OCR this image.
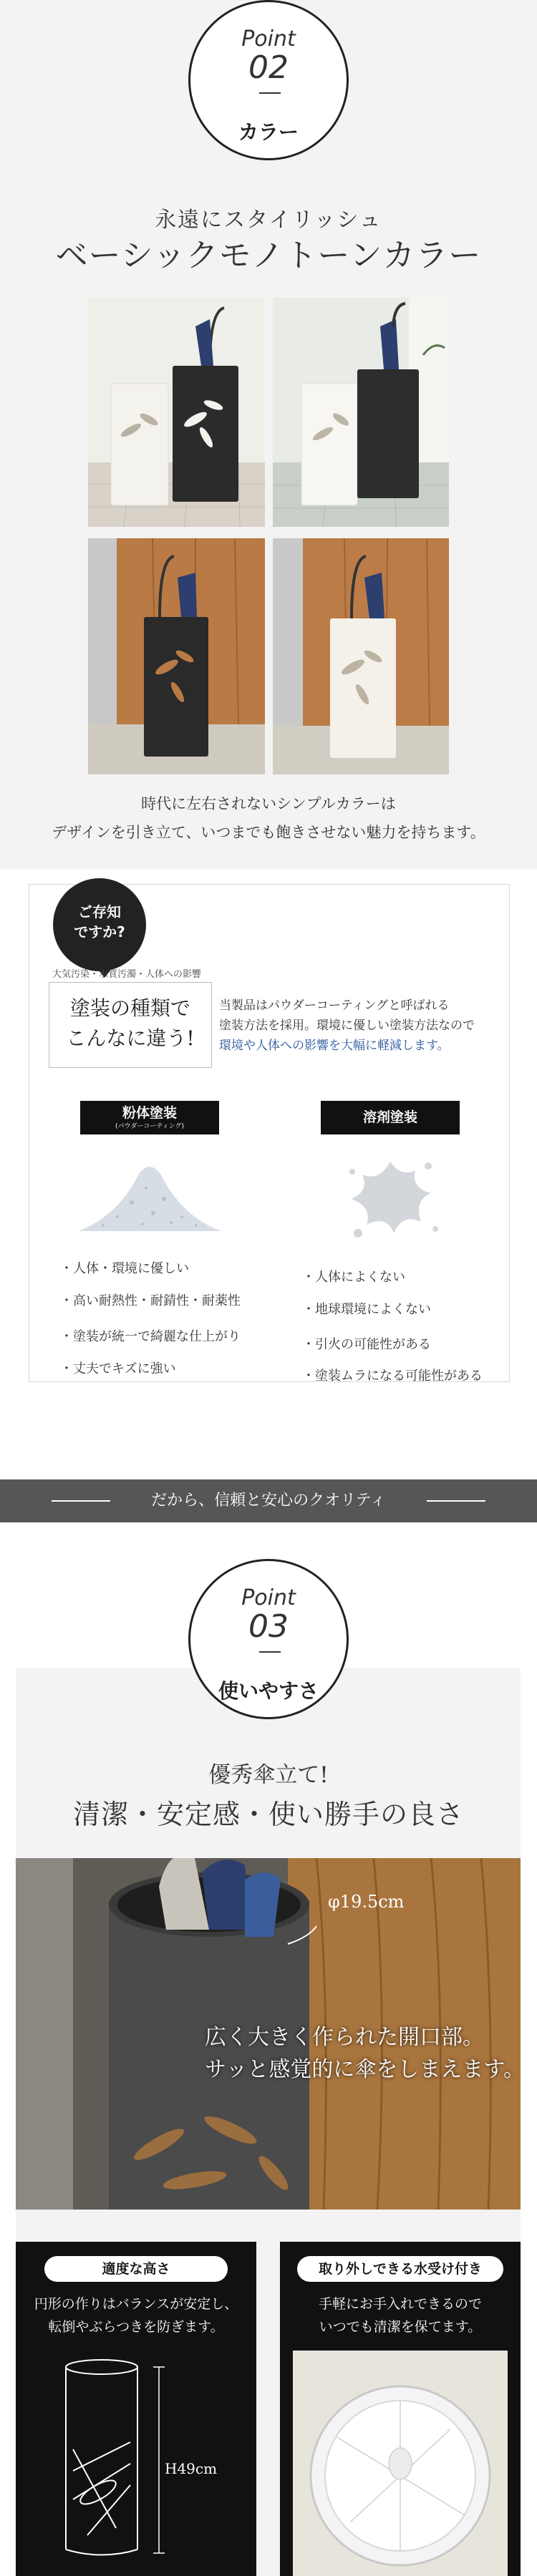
Point
02
カラー
永遠にスタイリッシュ
ベーシックモノトーンカラー
時代に左右されないシンプルカラーは
デザインを引き立て、いつまでも飽きさせない魅力を持ちます。
ご存知
ですか?
大気汚染・水質汚濁・人体への影響
塗装の種類で
こんなに違う!
当製品はパウダーコーティングと呼ばれる
塗装方法を採用。環境に優しい塗装方法なので
環境や人体への影響を大幅に軽減します。
粉体塗装
(パウダーコーティング)
溶剤塗装
・人体・環境に優しい
・高い耐熱性・耐錆性・耐薬性
・塗装が統一で綺麗な仕上がり
・丈夫でキズに強い
・人体によくない
・地球環境によくない
・引火の可能性がある
・塗装ムラになる可能性がある
だから、信頼と安心のクオリティ
Point
03
使いやすさ
優秀傘立て!
清潔・安定感・使い勝手の良さ
φ19.5cm
広く大きく作られた開口部。
サッと感覚的に傘をしまえます。
適度な高さ
円形の作りはバランスが安定し、
転倒やぶらつきを防ぎます。
H49cm
取り外しできる水受け付き
手軽にお手入れできるので
いつでも清潔を保てます。
